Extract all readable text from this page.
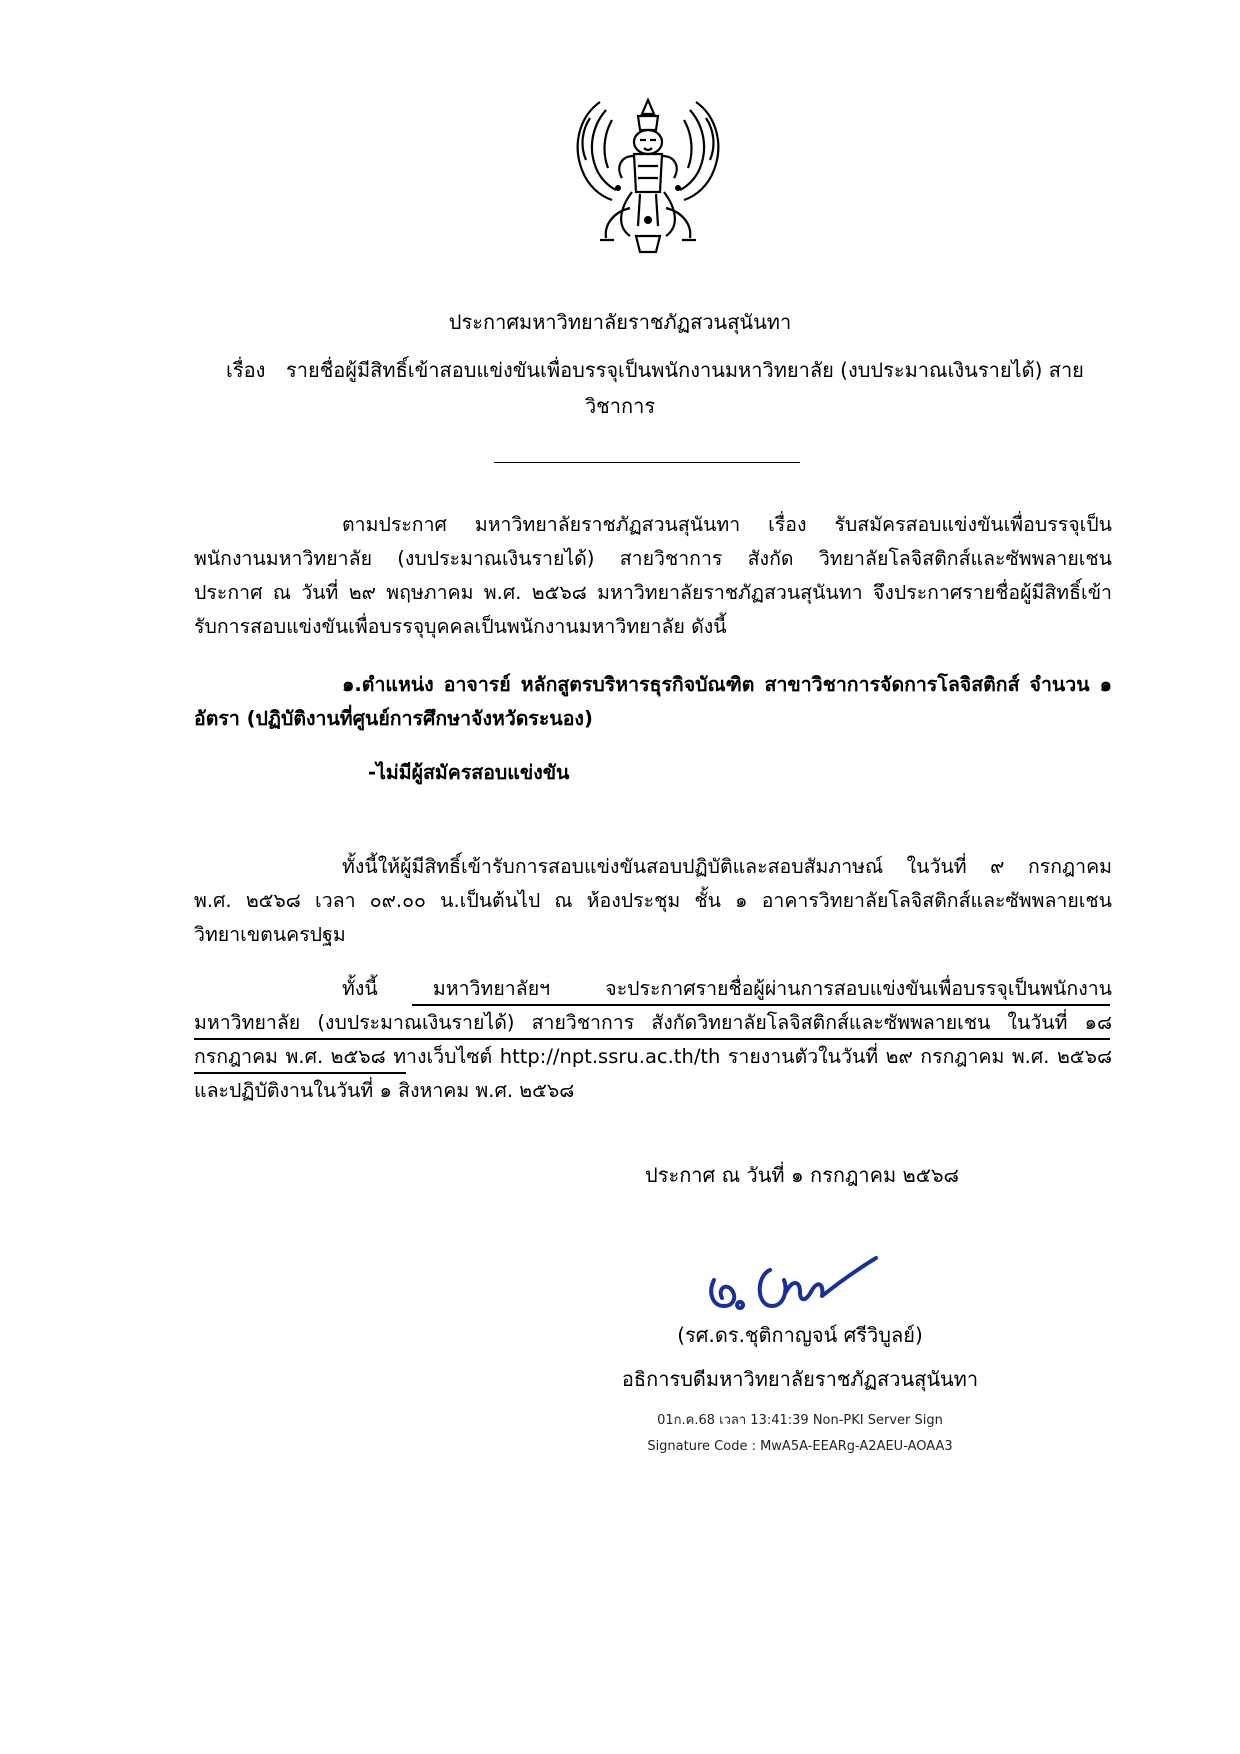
ประกาศมหาวิทยาลัยราชภัฏสวนสุนันทา
เรื่อง รายชื่อผู้มีสิทธิ์เข้าสอบแข่งขันเพื่อบรรจุเป็นพนักงานมหาวิทยาลัย (งบประมาณเงินรายได้) สาย
วิชาการ
ตามประกาศ มหาวิทยาลัยราชภัฏสวนสุนันทา เรื่อง รับสมัครสอบแข่งขันเพื่อบรรจุเป็น
พนักงานมหาวิทยาลัย (งบประมาณเงินรายได้) สายวิชาการ สังกัด วิทยาลัยโลจิสติกส์และซัพพลายเชน
ประกาศ ณ วันที่ ๒๙ พฤษภาคม พ.ศ. ๒๕๖๘ มหาวิทยาลัยราชภัฏสวนสุนันทา จึงประกาศรายชื่อผู้มีสิทธิ์เข้า
รับการสอบแข่งขันเพื่อบรรจุบุคคลเป็นพนักงานมหาวิทยาลัย ดังนี้
๑.ตำแหน่ง อาจารย์ หลักสูตรบริหารธุรกิจบัณฑิต สาขาวิชาการจัดการโลจิสติกส์ จำนวน ๑
อัตรา (ปฏิบัติงานที่ศูนย์การศึกษาจังหวัดระนอง)
-ไม่มีผู้สมัครสอบแข่งขัน
ทั้งนี้ให้ผู้มีสิทธิ์เข้ารับการสอบแข่งขันสอบปฏิบัติและสอบสัมภาษณ์ ในวันที่ ๙ กรกฎาคม
พ.ศ. ๒๕๖๘ เวลา ๐๙.๐๐ น.เป็นต้นไป ณ ห้องประชุม ชั้น ๑ อาคารวิทยาลัยโลจิสติกส์และซัพพลายเชน
วิทยาเขตนครปฐม
ทั้งนี้ มหาวิทยาลัยฯ จะประกาศรายชื่อผู้ผ่านการสอบแข่งขันเพื่อบรรจุเป็นพนักงาน
มหาวิทยาลัย (งบประมาณเงินรายได้) สายวิชาการ สังกัดวิทยาลัยโลจิสติกส์และซัพพลายเชน ในวันที่ ๑๘
กรกฎาคม พ.ศ. ๒๕๖๘ ทางเว็บไซต์ http://npt.ssru.ac.th/th รายงานตัวในวันที่ ๒๙ กรกฎาคม พ.ศ. ๒๕๖๘
และปฏิบัติงานในวันที่ ๑ สิงหาคม พ.ศ. ๒๕๖๘
ประกาศ ณ วันที่ ๑ กรกฎาคม ๒๕๖๘
(รศ.ดร.ชุติกาญจน์ ศรีวิบูลย์)
อธิการบดีมหาวิทยาลัยราชภัฏสวนสุนันทา
01ก.ค.68 เวลา 13:41:39 Non-PKI Server Sign
Signature Code : MwA5A-EEARg-A2AEU-AOAA3
